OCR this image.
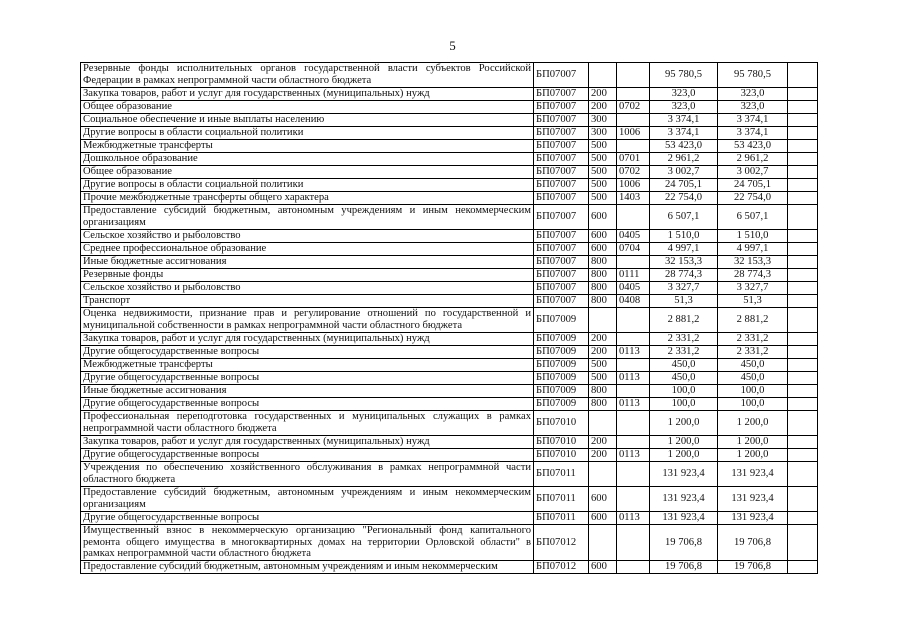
5
Резервные фонды исполнительных органов государственной власти субъектов Российской Федерации в рамках непрограммной части областного бюджета	БП07007			95 780,5	95 780,5	
Закупка товаров, работ и услуг для государственных (муниципальных) нужд	БП07007	200		323,0	323,0	
Общее образование	БП07007	200	0702	323,0	323,0	
Социальное обеспечение и иные выплаты населению	БП07007	300		3 374,1	3 374,1	
Другие вопросы в области социальной политики	БП07007	300	1006	3 374,1	3 374,1	
Межбюджетные трансферты	БП07007	500		53 423,0	53 423,0	
Дошкольное образование	БП07007	500	0701	2 961,2	2 961,2	
Общее образование	БП07007	500	0702	3 002,7	3 002,7	
Другие вопросы в области социальной политики	БП07007	500	1006	24 705,1	24 705,1	
Прочие межбюджетные трансферты общего характера	БП07007	500	1403	22 754,0	22 754,0	
Предоставление субсидий бюджетным, автономным учреждениям и иным некоммерческим организациям	БП07007	600		6 507,1	6 507,1	
Сельское хозяйство и рыболовство	БП07007	600	0405	1 510,0	1 510,0	
Среднее профессиональное образование	БП07007	600	0704	4 997,1	4 997,1	
Иные бюджетные ассигнования	БП07007	800		32 153,3	32 153,3	
Резервные фонды	БП07007	800	0111	28 774,3	28 774,3	
Сельское хозяйство и рыболовство	БП07007	800	0405	3 327,7	3 327,7	
Транспорт	БП07007	800	0408	51,3	51,3	
Оценка недвижимости, признание прав и регулирование отношений по государственной и муниципальной собственности в рамках непрограммной части областного бюджета	БП07009			2 881,2	2 881,2	
Закупка товаров, работ и услуг для государственных (муниципальных) нужд	БП07009	200		2 331,2	2 331,2	
Другие общегосударственные вопросы	БП07009	200	0113	2 331,2	2 331,2	
Межбюджетные трансферты	БП07009	500		450,0	450,0	
Другие общегосударственные вопросы	БП07009	500	0113	450,0	450,0	
Иные бюджетные ассигнования	БП07009	800		100,0	100,0	
Другие общегосударственные вопросы	БП07009	800	0113	100,0	100,0	
Профессиональная переподготовка государственных и муниципальных служащих в рамках непрограммной части областного бюджета	БП07010			1 200,0	1 200,0	
Закупка товаров, работ и услуг для государственных (муниципальных) нужд	БП07010	200		1 200,0	1 200,0	
Другие общегосударственные вопросы	БП07010	200	0113	1 200,0	1 200,0	
Учреждения по обеспечению хозяйственного обслуживания в рамках непрограммной части областного бюджета	БП07011			131 923,4	131 923,4	
Предоставление субсидий бюджетным, автономным учреждениям и иным некоммерческим организациям	БП07011	600		131 923,4	131 923,4	
Другие общегосударственные вопросы	БП07011	600	0113	131 923,4	131 923,4	
Имущественный взнос в некоммерческую организацию "Региональный фонд капитального ремонта общего имущества в многоквартирных домах на территории Орловской области" в рамках непрограммной части областного бюджета	БП07012			19 706,8	19 706,8	
Предоставление субсидий бюджетным, автономным учреждениям и иным некоммерческим	БП07012	600		19 706,8	19 706,8	
